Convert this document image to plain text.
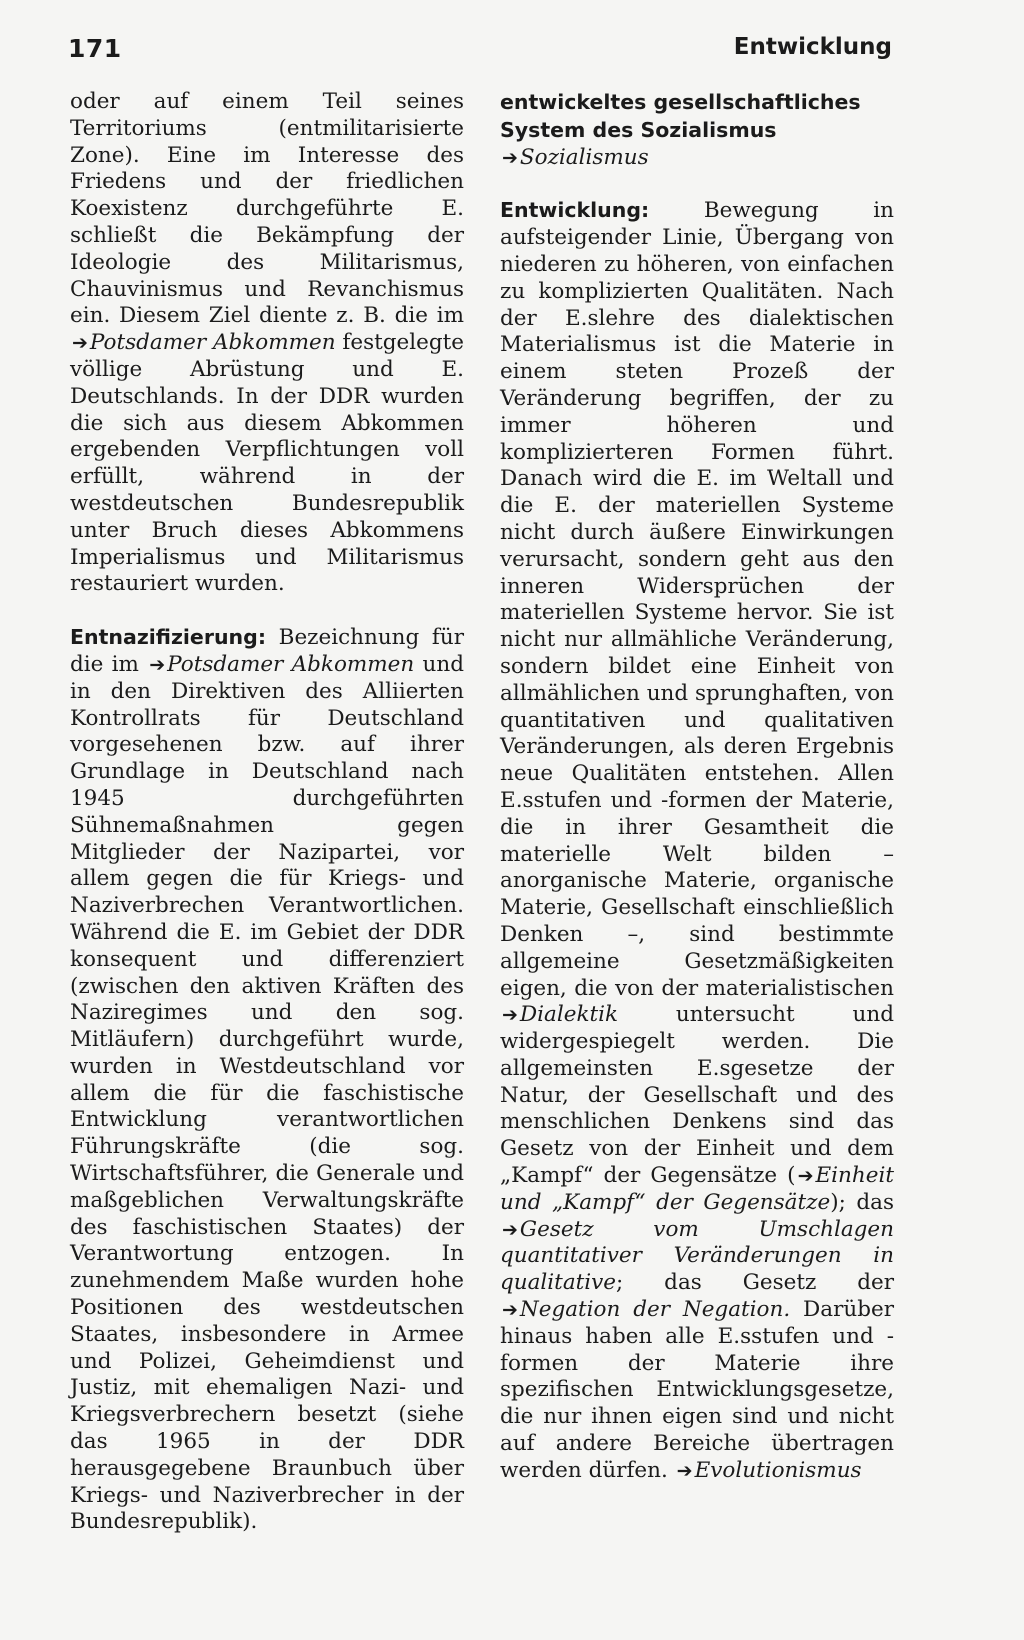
171	Entwicklung

oder auf einem Teil seines Territoriums (entmilitarisierte Zone). Eine im Interesse des Friedens und der friedlichen Koexistenz durchgeführte E. schließt die Bekämpfung der Ideologie des Militarismus, Chauvinismus und Revanchismus ein. Diesem Ziel diente z. B. die im ➔Potsdamer Abkommen festgelegte völlige Abrüstung und E. Deutschlands. In der DDR wurden die sich aus diesem Abkommen ergebenden Verpflichtungen voll erfüllt, während in der westdeutschen Bundesrepublik unter Bruch dieses Abkommens Imperialismus und Militarismus restauriert wurden.

Entnazifizierung: Bezeichnung für die im ➔Potsdamer Abkommen und in den Direktiven des Alliierten Kontrollrats für Deutschland vorgesehenen bzw. auf ihrer Grundlage in Deutschland nach 1945 durchgeführten Sühnemaßnahmen gegen Mitglieder der Nazipartei, vor allem gegen die für Kriegs- und Naziverbrechen Verantwortlichen. Während die E. im Gebiet der DDR konsequent und differenziert (zwischen den aktiven Kräften des Naziregimes und den sog. Mitläufern) durchgeführt wurde, wurden in Westdeutschland vor allem die für die faschistische Entwicklung verantwortlichen Führungskräfte (die sog. Wirtschaftsführer, die Generale und maßgeblichen Verwaltungskräfte des faschistischen Staates) der Verantwortung entzogen. In zunehmendem Maße wurden hohe Positionen des westdeutschen Staates, insbesondere in Armee und Polizei, Geheimdienst und Justiz, mit ehemaligen Nazi- und Kriegsverbrechern besetzt (siehe das 1965 in der DDR herausgegebene Braunbuch über Kriegs- und Naziverbrecher in der Bundesrepublik).

entwickeltes gesellschaftliches System des Sozialismus ➔Sozialismus

Entwicklung: Bewegung in aufsteigender Linie, Übergang von niederen zu höheren, von einfachen zu komplizierten Qualitäten. Nach der E.slehre des dialektischen Materialismus ist die Materie in einem steten Prozeß der Veränderung begriffen, der zu immer höheren und komplizierteren Formen führt. Danach wird die E. im Weltall und die E. der materiellen Systeme nicht durch äußere Einwirkungen verursacht, sondern geht aus den inneren Widersprüchen der materiellen Systeme hervor. Sie ist nicht nur allmähliche Veränderung, sondern bildet eine Einheit von allmählichen und sprunghaften, von quantitativen und qualitativen Veränderungen, als deren Ergebnis neue Qualitäten entstehen. Allen E.sstufen und -formen der Materie, die in ihrer Gesamtheit die materielle Welt bilden – anorganische Materie, organische Materie, Gesellschaft einschließlich Denken –, sind bestimmte allgemeine Gesetzmäßigkeiten eigen, die von der materialistischen ➔Dialektik untersucht und widergespiegelt werden. Die allgemeinsten E.sgesetze der Natur, der Gesellschaft und des menschlichen Denkens sind das Gesetz von der Einheit und dem „Kampf“ der Gegensätze ( ➔Einheit und „Kampf“ der Gegensätze); das ➔Gesetz vom Umschlagen quantitativer Veränderungen in qualitative; das Gesetz der ➔Negation der Negation. Darüber hinaus haben alle E.sstufen und -formen der Materie ihre spezifischen Entwicklungsgesetze, die nur ihnen eigen sind und nicht auf andere Bereiche übertragen werden dürfen. ➔Evolutionismus
